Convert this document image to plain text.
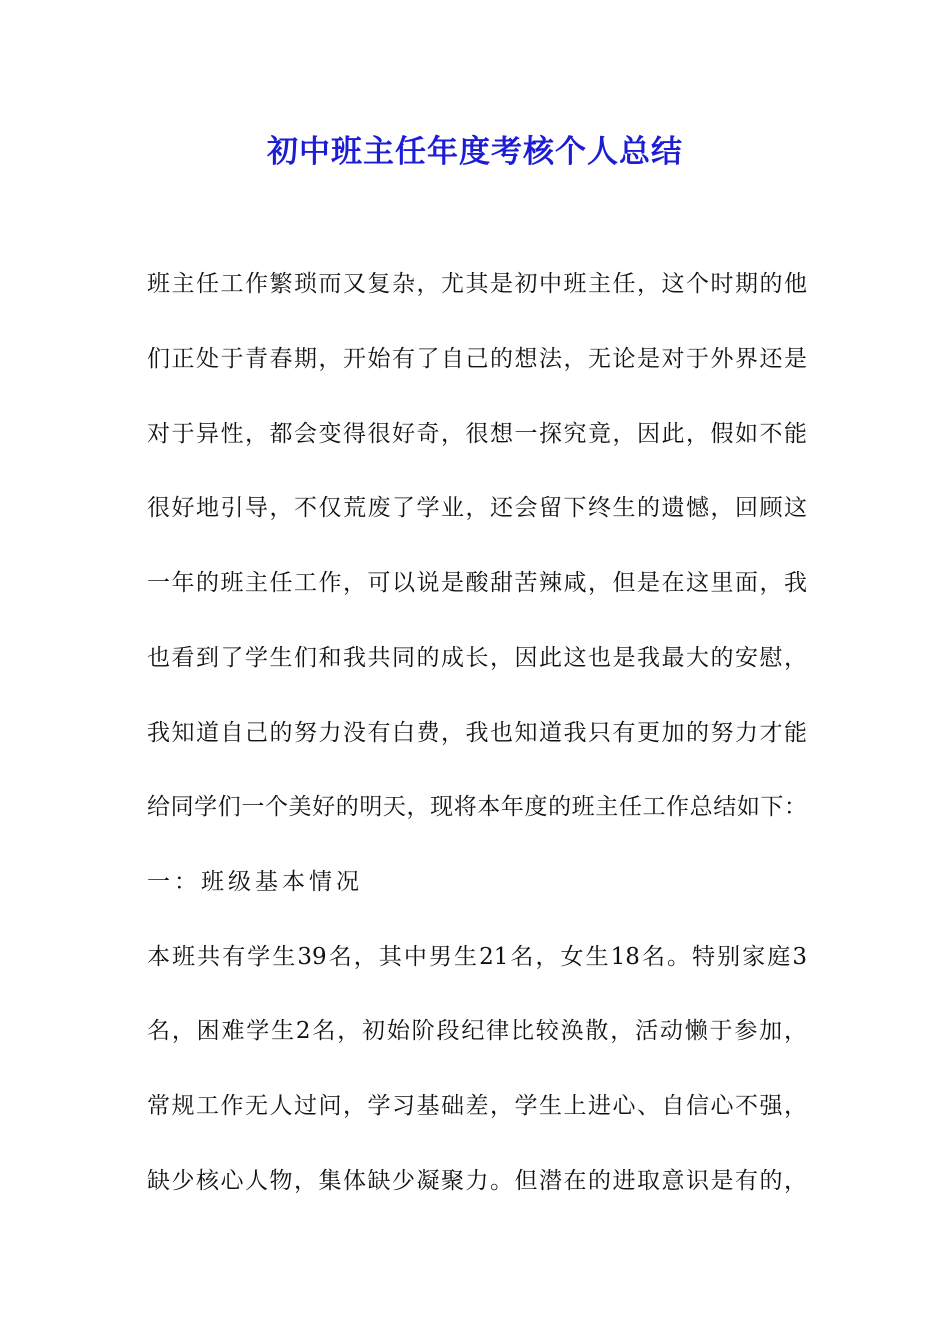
初中班主任年度考核个人总结

班主任工作繁琐而又复杂，尤其是初中班主任，这个时期的他

们正处于青春期，开始有了自己的想法，无论是对于外界还是

对于异性，都会变得很好奇，很想一探究竟，因此，假如不能

很好地引导，不仅荒废了学业，还会留下终生的遗憾，回顾这

一年的班主任工作，可以说是酸甜苦辣咸，但是在这里面，我

也看到了学生们和我共同的成长，因此这也是我最大的安慰，

我知道自己的努力没有白费，我也知道我只有更加的努力才能

给同学们一个美好的明天，现将本年度的班主任工作总结如下：

一：班级基本情况

本班共有学生39名，其中男生21名，女生18名。特别家庭3

名，困难学生2名，初始阶段纪律比较涣散，活动懒于参加，

常规工作无人过问，学习基础差，学生上进心、自信心不强，

缺少核心人物，集体缺少凝聚力。但潜在的进取意识是有的，
